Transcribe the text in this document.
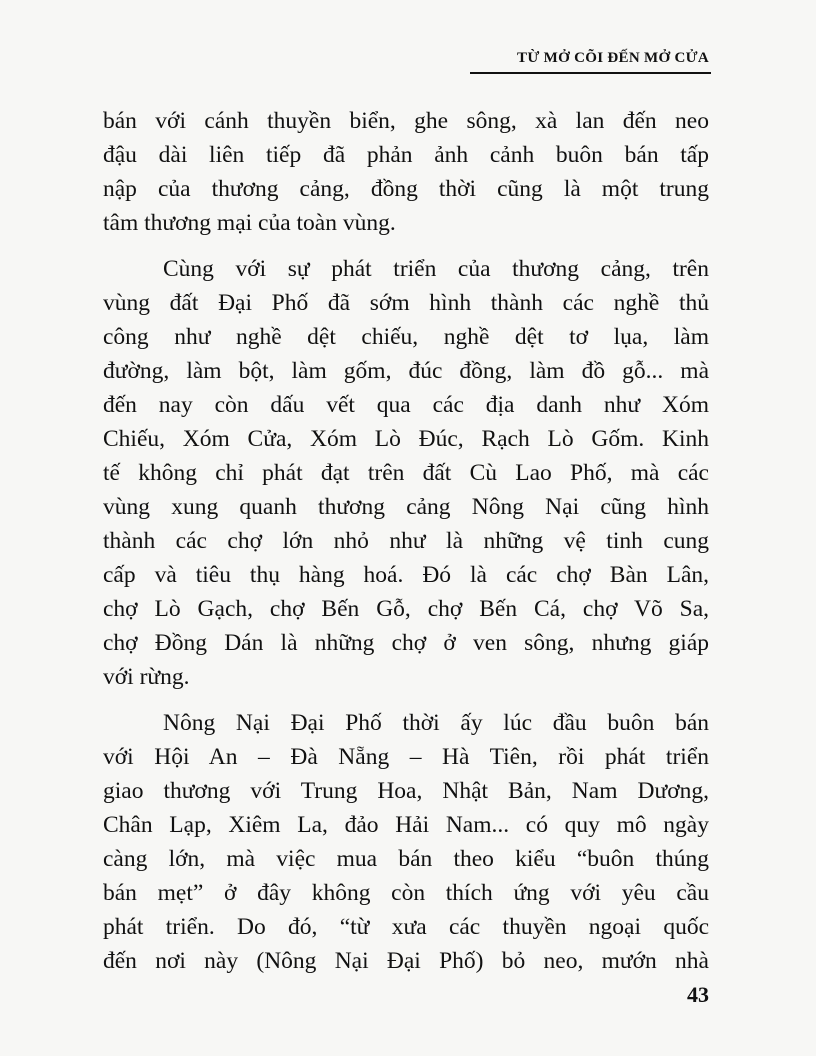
TỪ MỞ CÕI ĐẾN MỞ CỬA
bán với cánh thuyền biển, ghe sông, xà lan đến neo
đậu dài liên tiếp đã phản ảnh cảnh buôn bán tấp
nập của thương cảng, đồng thời cũng là một trung
tâm thương mại của toàn vùng.
Cùng với sự phát triển của thương cảng, trên
vùng đất Đại Phố đã sớm hình thành các nghề thủ
công như nghề dệt chiếu, nghề dệt tơ lụa, làm
đường, làm bột, làm gốm, đúc đồng, làm đồ gỗ... mà
đến nay còn dấu vết qua các địa danh như Xóm
Chiếu, Xóm Cửa, Xóm Lò Đúc, Rạch Lò Gốm. Kinh
tế không chỉ phát đạt trên đất Cù Lao Phố, mà các
vùng xung quanh thương cảng Nông Nại cũng hình
thành các chợ lớn nhỏ như là những vệ tinh cung
cấp và tiêu thụ hàng hoá. Đó là các chợ Bàn Lân,
chợ Lò Gạch, chợ Bến Gỗ, chợ Bến Cá, chợ Võ Sa,
chợ Đồng Dán là những chợ ở ven sông, nhưng giáp
với rừng.
Nông Nại Đại Phố thời ấy lúc đầu buôn bán
với Hội An – Đà Nẵng – Hà Tiên, rồi phát triển
giao thương với Trung Hoa, Nhật Bản, Nam Dương,
Chân Lạp, Xiêm La, đảo Hải Nam... có quy mô ngày
càng lớn, mà việc mua bán theo kiểu “buôn thúng
bán mẹt” ở đây không còn thích ứng với yêu cầu
phát triển. Do đó, “từ xưa các thuyền ngoại quốc
đến nơi này (Nông Nại Đại Phố) bỏ neo, mướn nhà
43
